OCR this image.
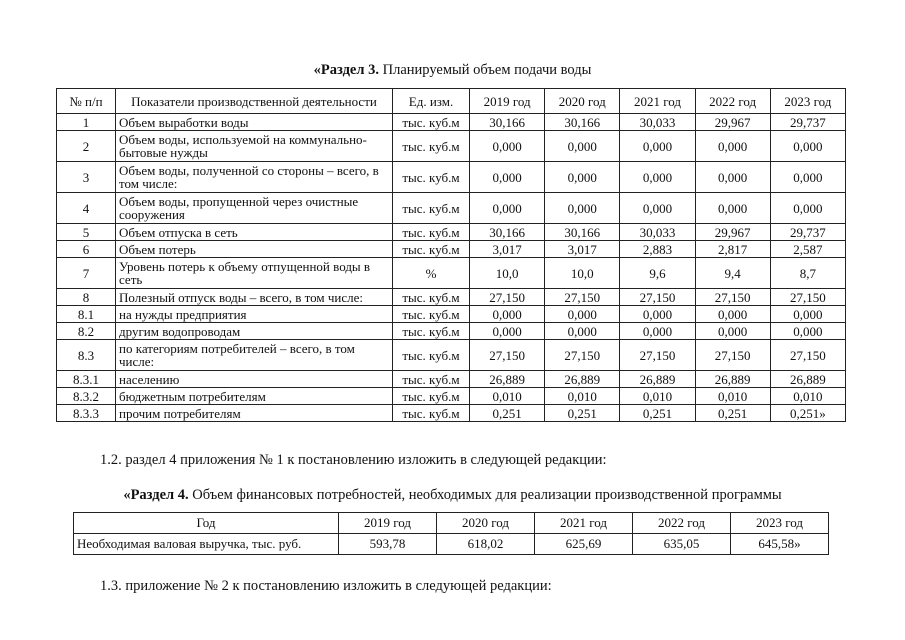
«Раздел 3. Планируемый объем подачи воды
№ п/п	Показатели производственной деятельности	Ед. изм.	2019 год	2020 год	2021 год	2022 год	2023 год
1	Объем выработки воды	тыс. куб.м	30,166	30,166	30,033	29,967	29,737
2	Объем воды, используемой на коммунально-бытовые нужды	тыс. куб.м	0,000	0,000	0,000	0,000	0,000
3	Объем воды, полученной со стороны – всего, в том числе:	тыс. куб.м	0,000	0,000	0,000	0,000	0,000
4	Объем воды, пропущенной через очистные сооружения	тыс. куб.м	0,000	0,000	0,000	0,000	0,000
5	Объем отпуска в сеть	тыс. куб.м	30,166	30,166	30,033	29,967	29,737
6	Объем потерь	тыс. куб.м	3,017	3,017	2,883	2,817	2,587
7	Уровень потерь к объему отпущенной воды в сеть	%	10,0	10,0	9,6	9,4	8,7
8	Полезный отпуск воды – всего, в том числе:	тыс. куб.м	27,150	27,150	27,150	27,150	27,150
8.1	на нужды предприятия	тыс. куб.м	0,000	0,000	0,000	0,000	0,000
8.2	другим водопроводам	тыс. куб.м	0,000	0,000	0,000	0,000	0,000
8.3	по категориям потребителей – всего, в том числе:	тыс. куб.м	27,150	27,150	27,150	27,150	27,150
8.3.1	населению	тыс. куб.м	26,889	26,889	26,889	26,889	26,889
8.3.2	бюджетным потребителям	тыс. куб.м	0,010	0,010	0,010	0,010	0,010
8.3.3	прочим потребителям	тыс. куб.м	0,251	0,251	0,251	0,251	0,251»
1.2. раздел 4 приложения № 1 к постановлению изложить в следующей редакции:
«Раздел 4. Объем финансовых потребностей, необходимых для реализации производственной программы
Год	2019 год	2020 год	2021 год	2022 год	2023 год
Необходимая валовая выручка, тыс. руб.	593,78	618,02	625,69	635,05	645,58»
1.3. приложение № 2 к постановлению изложить в следующей редакции:
